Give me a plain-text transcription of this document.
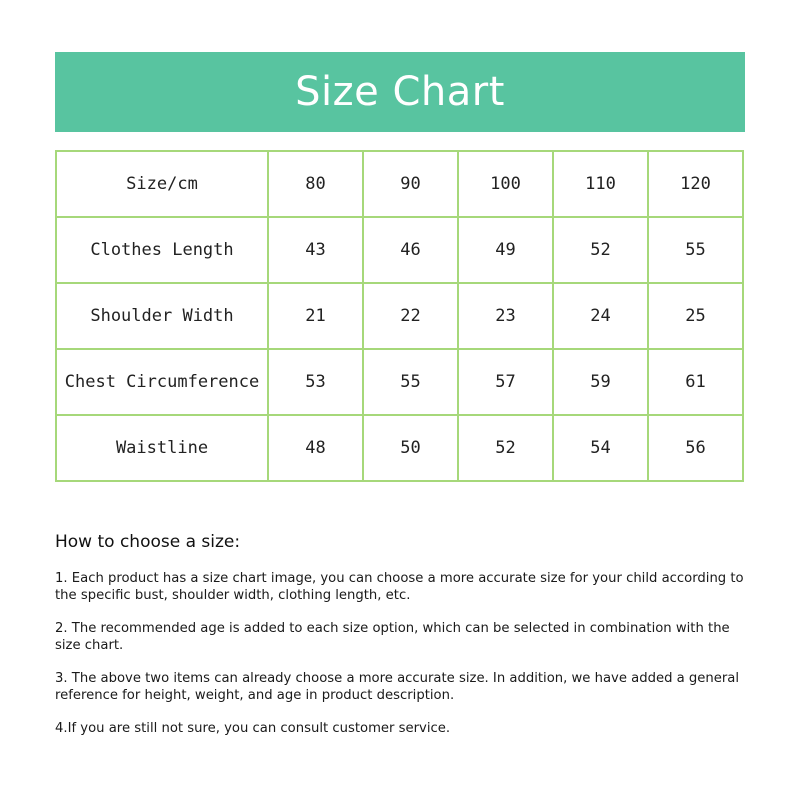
Size Chart
Size/cm	80	90	100	110	120
Clothes Length	43	46	49	52	55
Shoulder Width	21	22	23	24	25
Chest Circumference	53	55	57	59	61
Waistline	48	50	52	54	56
How to choose a size:

1. Each product has a size chart image, you can choose a more accurate size for your child according to the specific bust, shoulder width, clothing length, etc.

2. The recommended age is added to each size option, which can be selected in combination with the size chart.

3. The above two items can already choose a more accurate size. In addition, we have added a general reference for height, weight, and age in product description.

4.If you are still not sure, you can consult customer service.
